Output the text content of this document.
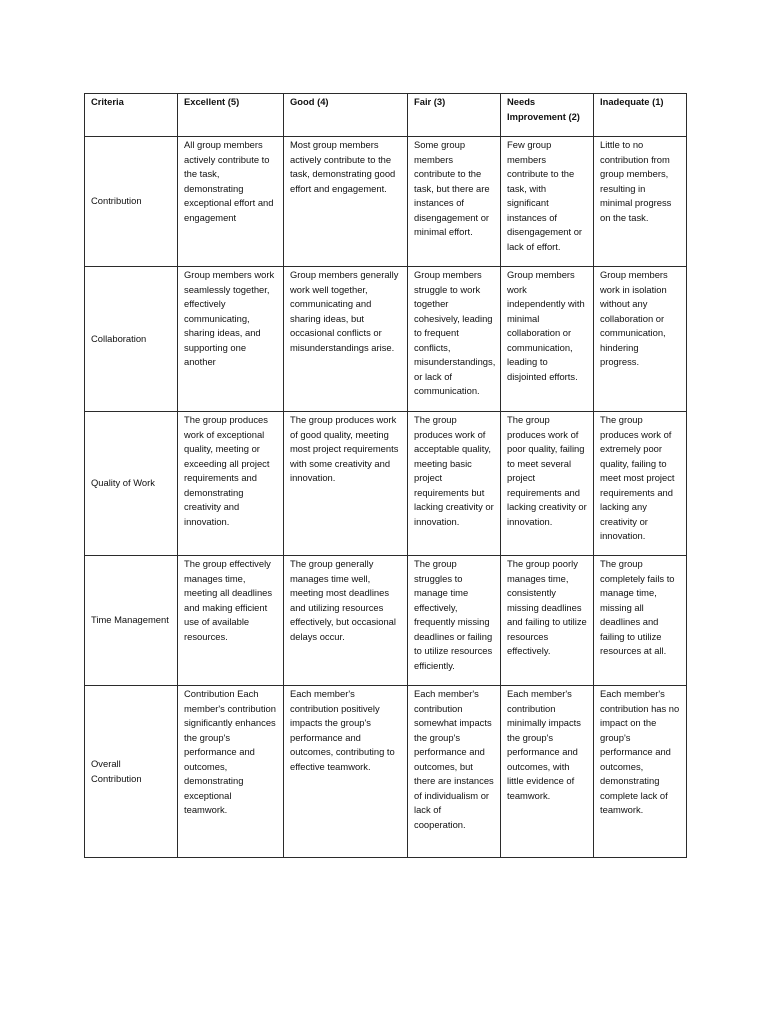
Criteria	Excellent (5)	Good (4)	Fair (3)	Needs Improvement (2)	Inadequate (1)

Contribution	All group members actively contribute to the task, demonstrating exceptional effort and engagement	Most group members actively contribute to the task, demonstrating good effort and engagement.	Some group members contribute to the task, but there are instances of disengagement or minimal effort.	Few group members contribute to the task, with significant instances of disengagement or lack of effort.	Little to no contribution from group members, resulting in minimal progress on the task.

Collaboration	Group members work seamlessly together, effectively communicating, sharing ideas, and supporting one another	Group members generally work well together, communicating and sharing ideas, but occasional conflicts or misunderstandings arise.	Group members struggle to work together cohesively, leading to frequent conflicts, misunderstandings, or lack of communication.	Group members work independently with minimal collaboration or communication, leading to disjointed efforts.	Group members work in isolation without any collaboration or communication, hindering progress.

Quality of Work	The group produces work of exceptional quality, meeting or exceeding all project requirements and demonstrating creativity and innovation.	The group produces work of good quality, meeting most project requirements with some creativity and innovation.	The group produces work of acceptable quality, meeting basic project requirements but lacking creativity or innovation.	The group produces work of poor quality, failing to meet several project requirements and lacking creativity or innovation.	The group produces work of extremely poor quality, failing to meet most project requirements and lacking any creativity or innovation.

Time Management	The group effectively manages time, meeting all deadlines and making efficient use of available resources.	The group generally manages time well, meeting most deadlines and utilizing resources effectively, but occasional delays occur.	The group struggles to manage time effectively, frequently missing deadlines or failing to utilize resources efficiently.	The group poorly manages time, consistently missing deadlines and failing to utilize resources effectively.	The group completely fails to manage time, missing all deadlines and failing to utilize resources at all.

Overall Contribution	Contribution Each member's contribution significantly enhances the group's performance and outcomes, demonstrating exceptional teamwork.	Each member's contribution positively impacts the group's performance and outcomes, contributing to effective teamwork.	Each member's contribution somewhat impacts the group's performance and outcomes, but there are instances of individualism or lack of cooperation.	Each member's contribution minimally impacts the group's performance and outcomes, with little evidence of teamwork.	Each member's contribution has no impact on the group's performance and outcomes, demonstrating complete lack of teamwork.
